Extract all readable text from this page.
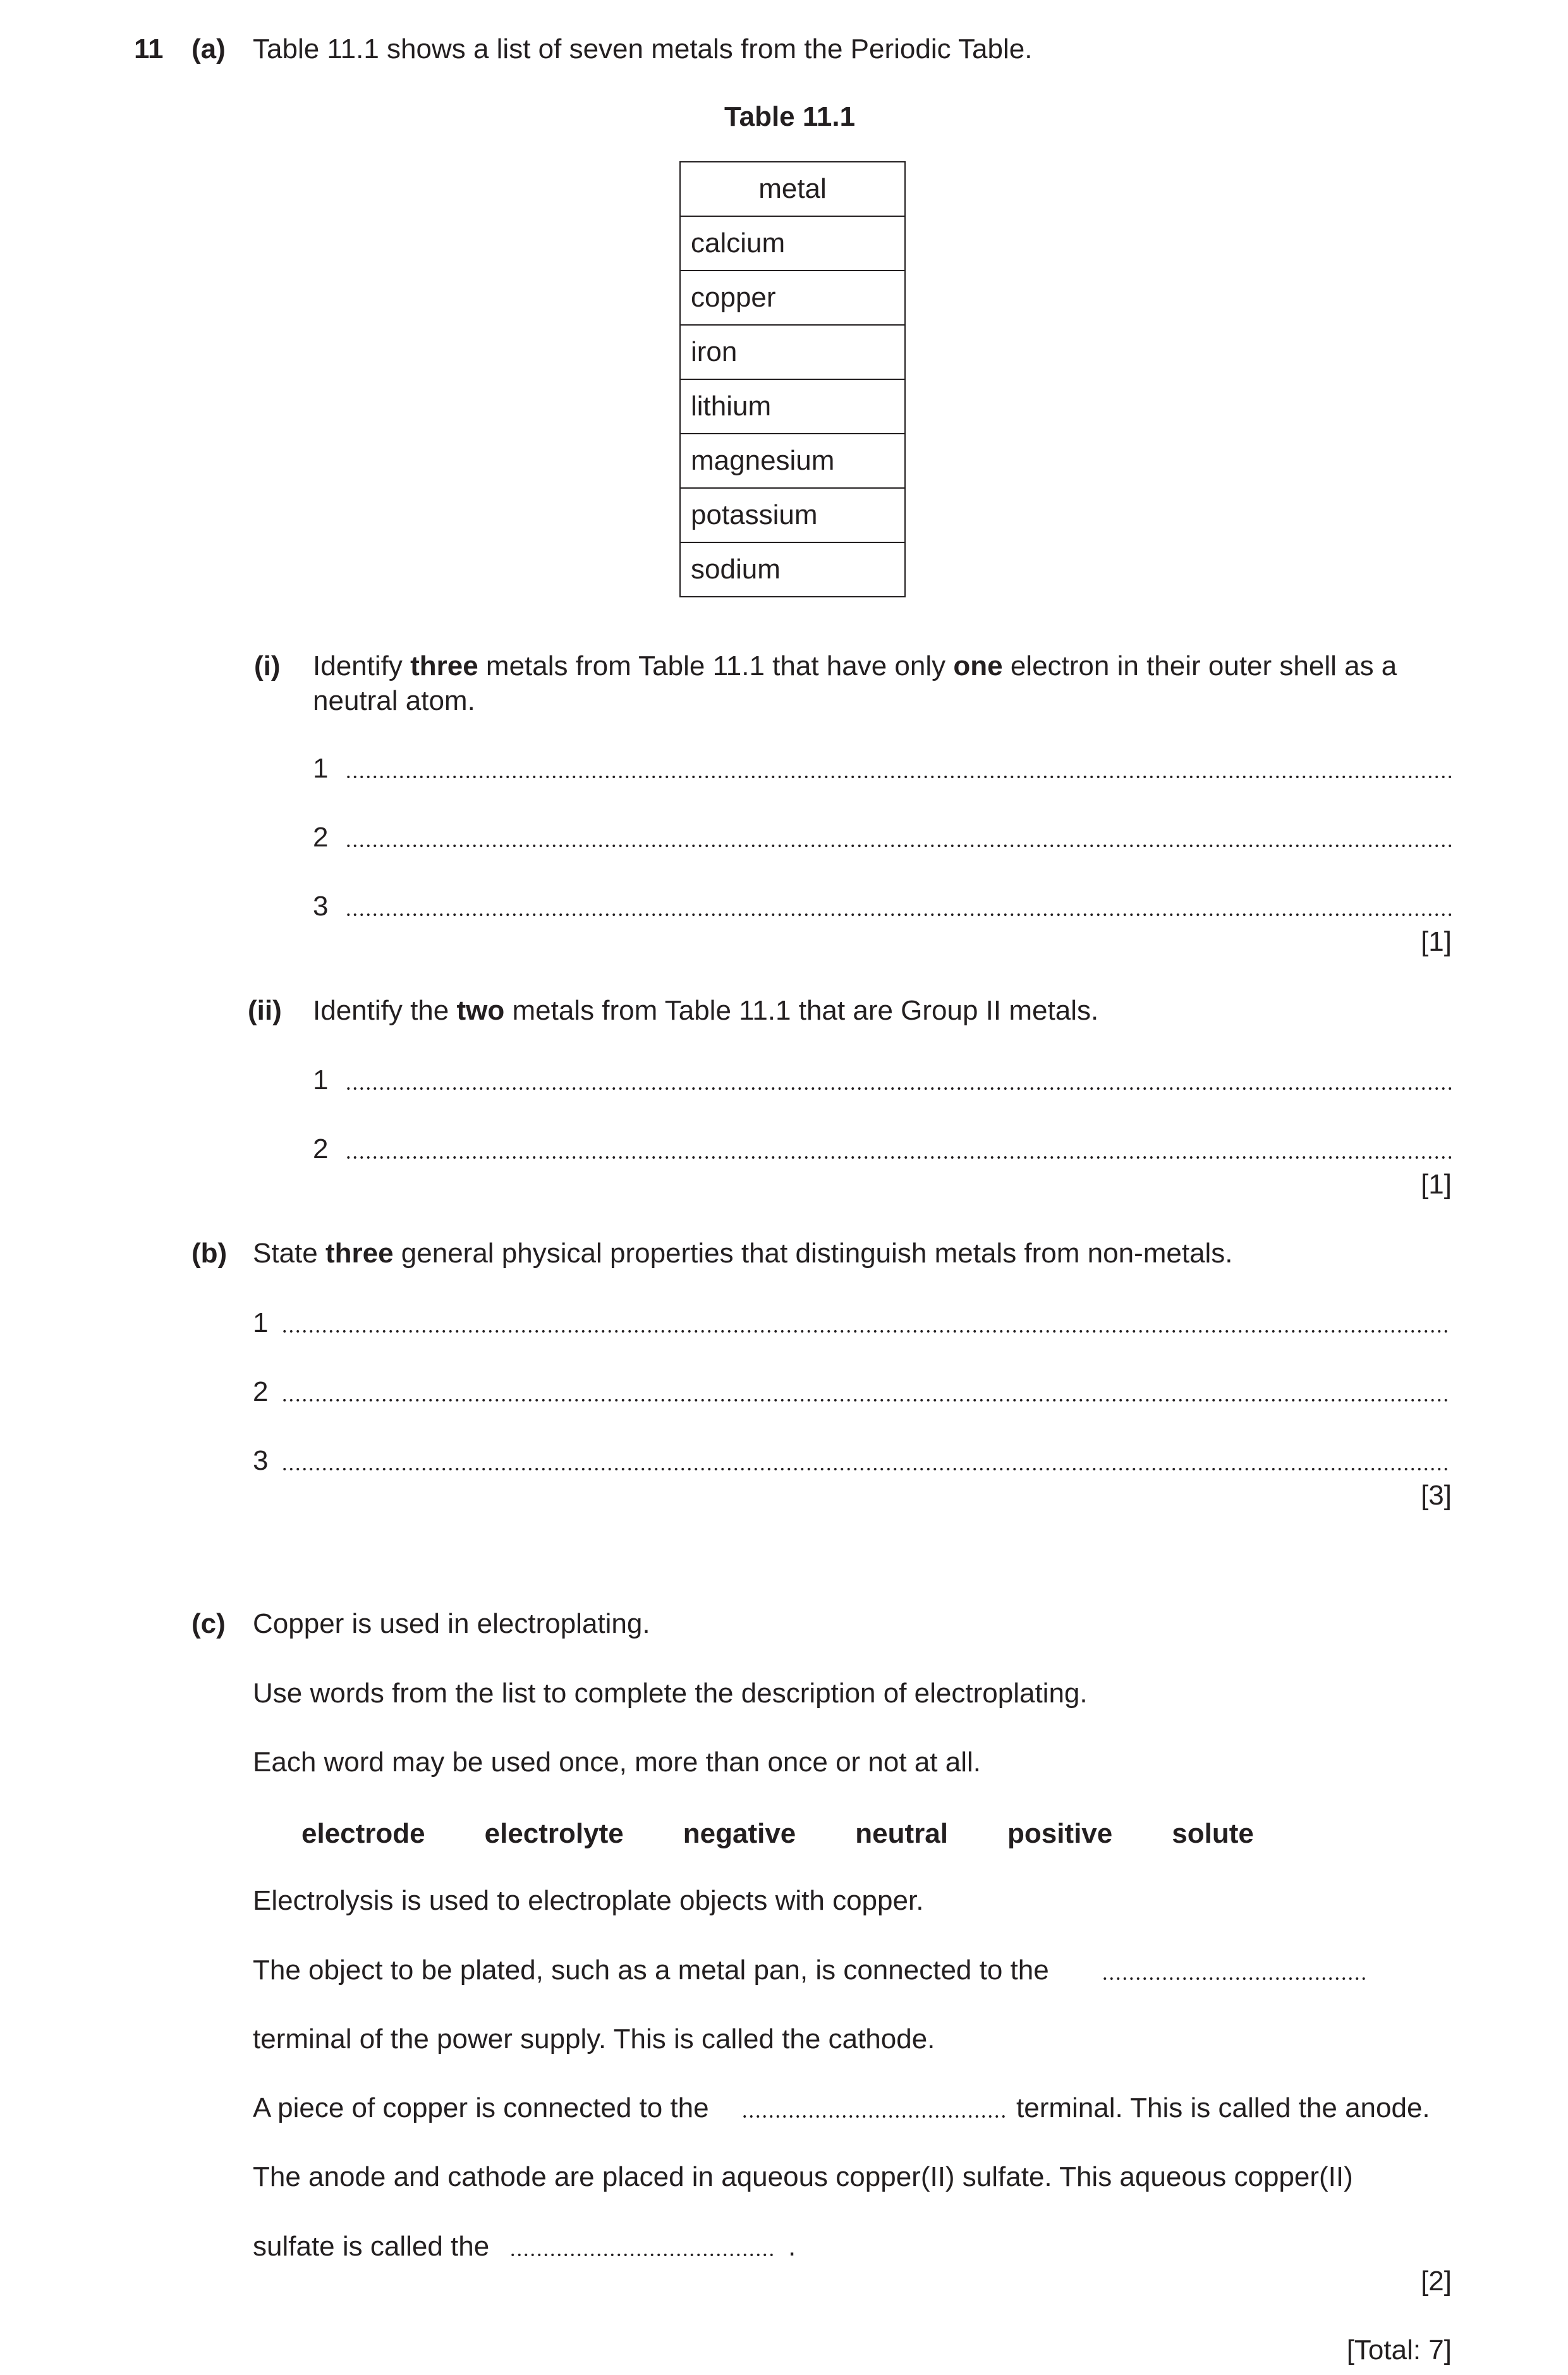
11 (a) Table 11.1 shows a list of seven metals from the Periodic Table.
Table 11.1
metal
calcium
copper
iron
lithium
magnesium
potassium
sodium
(i) Identify three metals from Table 11.1 that have only one electron in their outer shell as a
neutral atom.
1
2
3
[1]
(ii) Identify the two metals from Table 11.1 that are Group II metals.
1
2
[1]
(b) State three general physical properties that distinguish metals from non-metals.
1
2
3
[3]
(c) Copper is used in electroplating.
Use words from the list to complete the description of electroplating.
Each word may be used once, more than once or not at all.
electrode electrolyte negative neutral positive solute
Electrolysis is used to electroplate objects with copper.
The object to be plated, such as a metal pan, is connected to the
terminal of the power supply. This is called the cathode.
A piece of copper is connected to the	terminal. This is called the anode.
The anode and cathode are placed in aqueous copper(II) sulfate. This aqueous copper(II)
sulfate is called the	.
[2]
[Total: 7]
